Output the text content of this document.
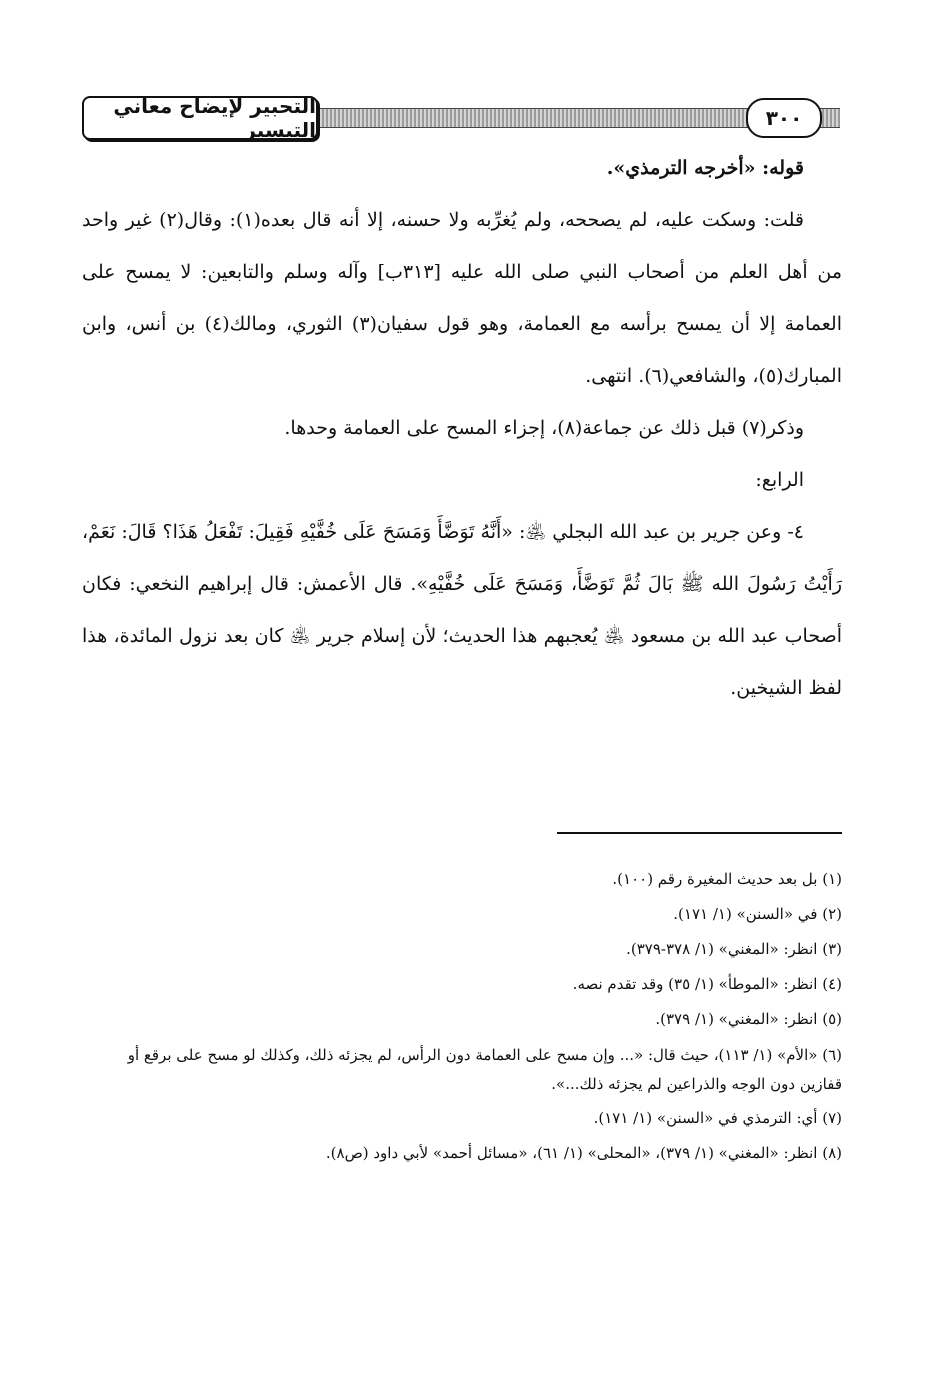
التحبير لإيضاح معاني التيسير	٣٠٠

قوله: «أخرجه الترمذي».

قلت: وسكت عليه، لم يصححه، ولم يُغرِّبه ولا حسنه، إلا أنه قال بعده(١): وقال(٢) غير واحد من أهل العلم من أصحاب النبي صلى الله عليه [٣١٣ب] وآله وسلم والتابعين: لا يمسح على العمامة إلا أن يمسح برأسه مع العمامة، وهو قول سفيان(٣) الثوري، ومالك(٤) بن أنس، وابن المبارك(٥)، والشافعي(٦). انتهى.

وذكر(٧) قبل ذلك عن جماعة(٨)، إجزاء المسح على العمامة وحدها.

الرابع:

٤- وعن جرير بن عبد الله البجلي ﵁: «أَنَّهُ تَوَضَّأَ وَمَسَحَ عَلَى خُفَّيْهِ فَقِيلَ: تَفْعَلُ هَذَا؟ قَالَ: نَعَمْ، رَأَيْتُ رَسُولَ الله ﷺ بَالَ ثُمَّ تَوَضَّأَ، وَمَسَحَ عَلَى خُفَّيْهِ». قال الأعمش: قال إبراهيم النخعي: فكان أصحاب عبد الله بن مسعود ﵁ يُعجبهم هذا الحديث؛ لأن إسلام جرير ﵁ كان بعد نزول المائدة، هذا لفظ الشيخين.

(١) بل بعد حديث المغيرة رقم (١٠٠).

(٢) في «السنن» (١/ ١٧١).

(٣) انظر: «المغني» (١/ ٣٧٨-٣٧٩).

(٤) انظر: «الموطأ» (١/ ٣٥) وقد تقدم نصه.

(٥) انظر: «المغني» (١/ ٣٧٩).

(٦) «الأم» (١/ ١١٣)، حيث قال: «... وإن مسح على العمامة دون الرأس، لم يجزئه ذلك، وكذلك لو مسح على برقع أو قفازين دون الوجه والذراعين لم يجزئه ذلك...».

(٧) أي: الترمذي في «السنن» (١/ ١٧١).

(٨) انظر: «المغني» (١/ ٣٧٩)، «المحلى» (١/ ٦١)، «مسائل أحمد» لأبي داود (ص٨).
